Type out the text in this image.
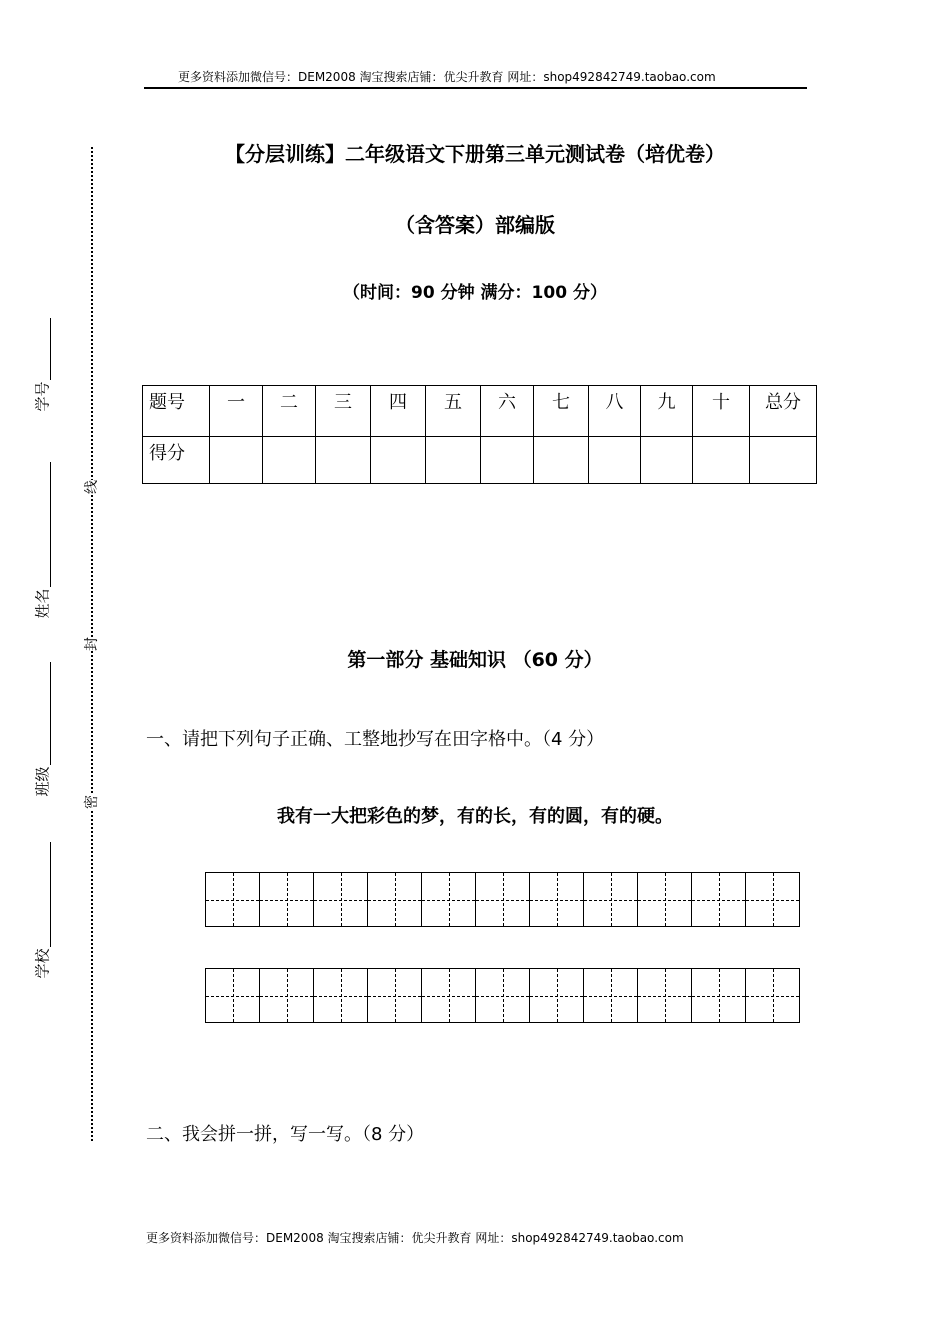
更多资料添加微信号：DEM2008 淘宝搜索店铺：优尖升教育 网址：shop492842749.taobao.com
线
封
密
学号
姓名
班级
学校
【分层训练】二年级语文下册第三单元测试卷（培优卷）
（含答案）部编版
（时间：90 分钟 满分：100 分）
题号	一	二	三	四	五	六	七	八	九	十	总分
得分											
第一部分 基础知识 （60 分）
一、请把下列句子正确、工整地抄写在田字格中。（4 分）
我有一大把彩色的梦，有的长，有的圆，有的硬。
二、我会拼一拼，写一写。（8 分）
更多资料添加微信号：DEM2008 淘宝搜索店铺：优尖升教育 网址：shop492842749.taobao.com
